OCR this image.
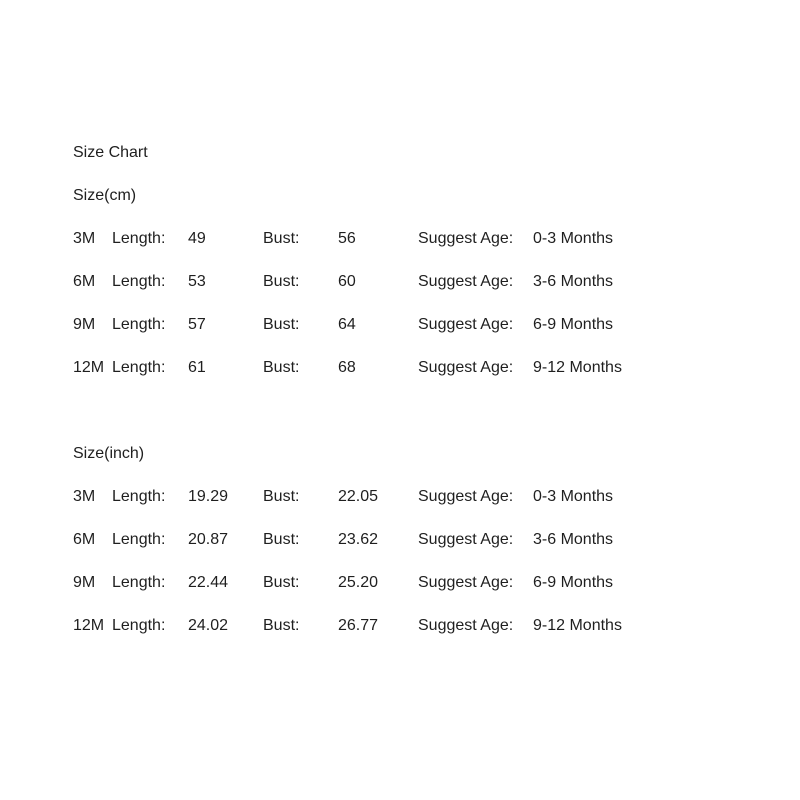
Size Chart
Size(cm)
3M	Length:	49	Bust:	56	Suggest Age:	0-3 Months
6M	Length:	53	Bust:	60	Suggest Age:	3-6 Months
9M	Length:	57	Bust:	64	Suggest Age:	6-9 Months
12M Length:	61	Bust:	68	Suggest Age:	9-12 Months
Size(inch)
3M	Length:	19.29	Bust:	22.05	Suggest Age:	0-3 Months
6M	Length:	20.87	Bust:	23.62	Suggest Age:	3-6 Months
9M	Length:	22.44	Bust:	25.20	Suggest Age:	6-9 Months
12M Length:	24.02	Bust:	26.77	Suggest Age:	9-12 Months
